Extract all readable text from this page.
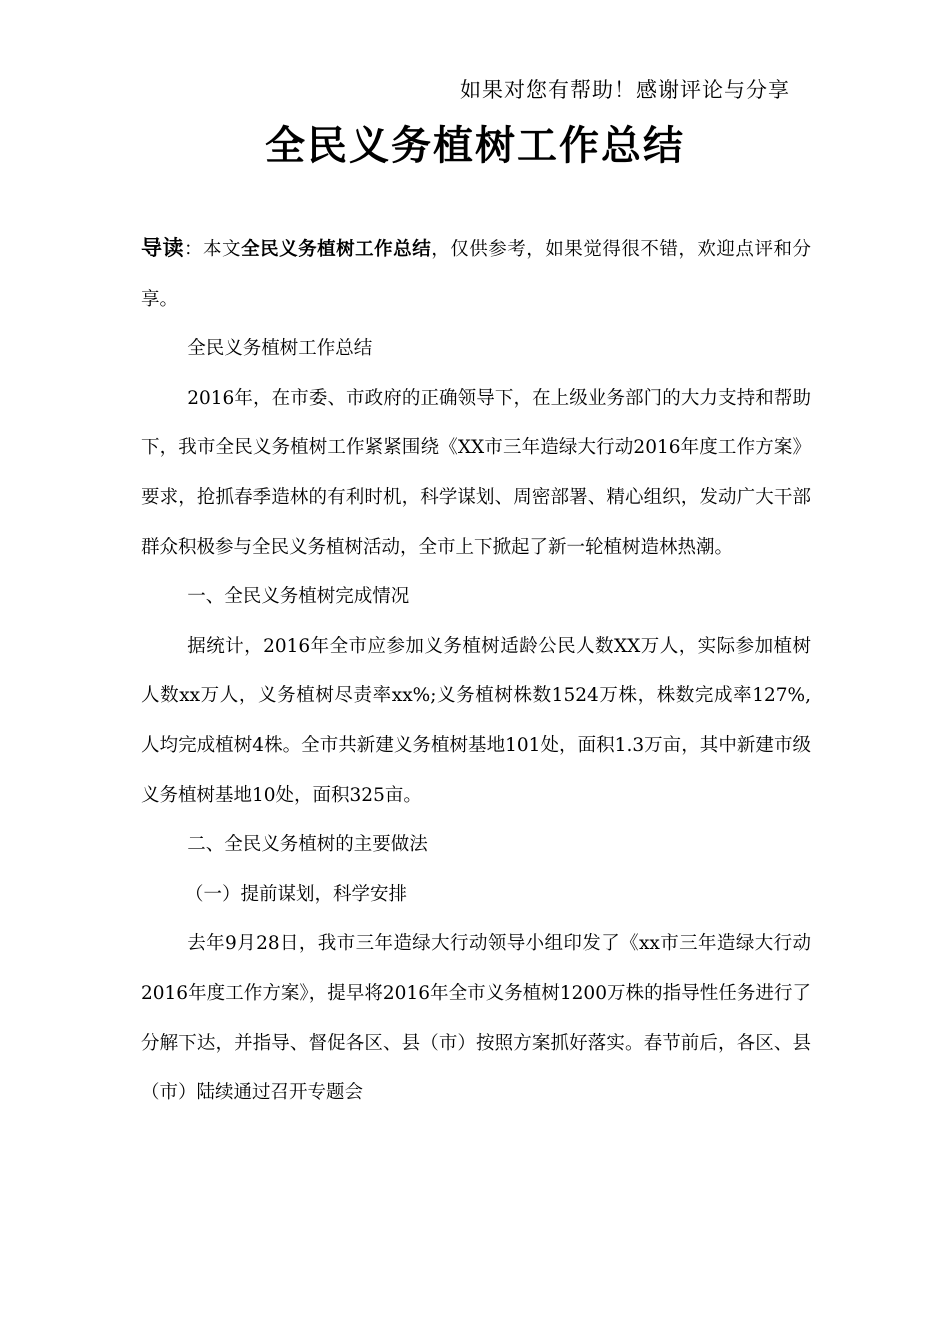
如果对您有帮助！感谢评论与分享
全民义务植树工作总结

导读：本文全民义务植树工作总结，仅供参考，如果觉得很不错，欢迎点评和分享。

全民义务植树工作总结

2016年，在市委、市政府的正确领导下，在上级业务部门的大力支持和帮助下，我市全民义务植树工作紧紧围绕《XX市三年造绿大行动2016年度工作方案》要求，抢抓春季造林的有利时机，科学谋划、周密部署、精心组织，发动广大干部群众积极参与全民义务植树活动，全市上下掀起了新一轮植树造林热潮。

一、全民义务植树完成情况

据统计，2016年全市应参加义务植树适龄公民人数XX万人，实际参加植树人数xx万人，义务植树尽责率xx%;义务植树株数1524万株，株数完成率127%,人均完成植树4株。全市共新建义务植树基地101处，面积1.3万亩，其中新建市级义务植树基地10处，面积325亩。

二、全民义务植树的主要做法

（一）提前谋划，科学安排

去年9月28日，我市三年造绿大行动领导小组印发了《xx市三年造绿大行动2016年度工作方案》，提早将2016年全市义务植树1200万株的指导性任务进行了分解下达，并指导、督促各区、县（市）按照方案抓好落实。春节前后，各区、县（市）陆续通过召开专题会
